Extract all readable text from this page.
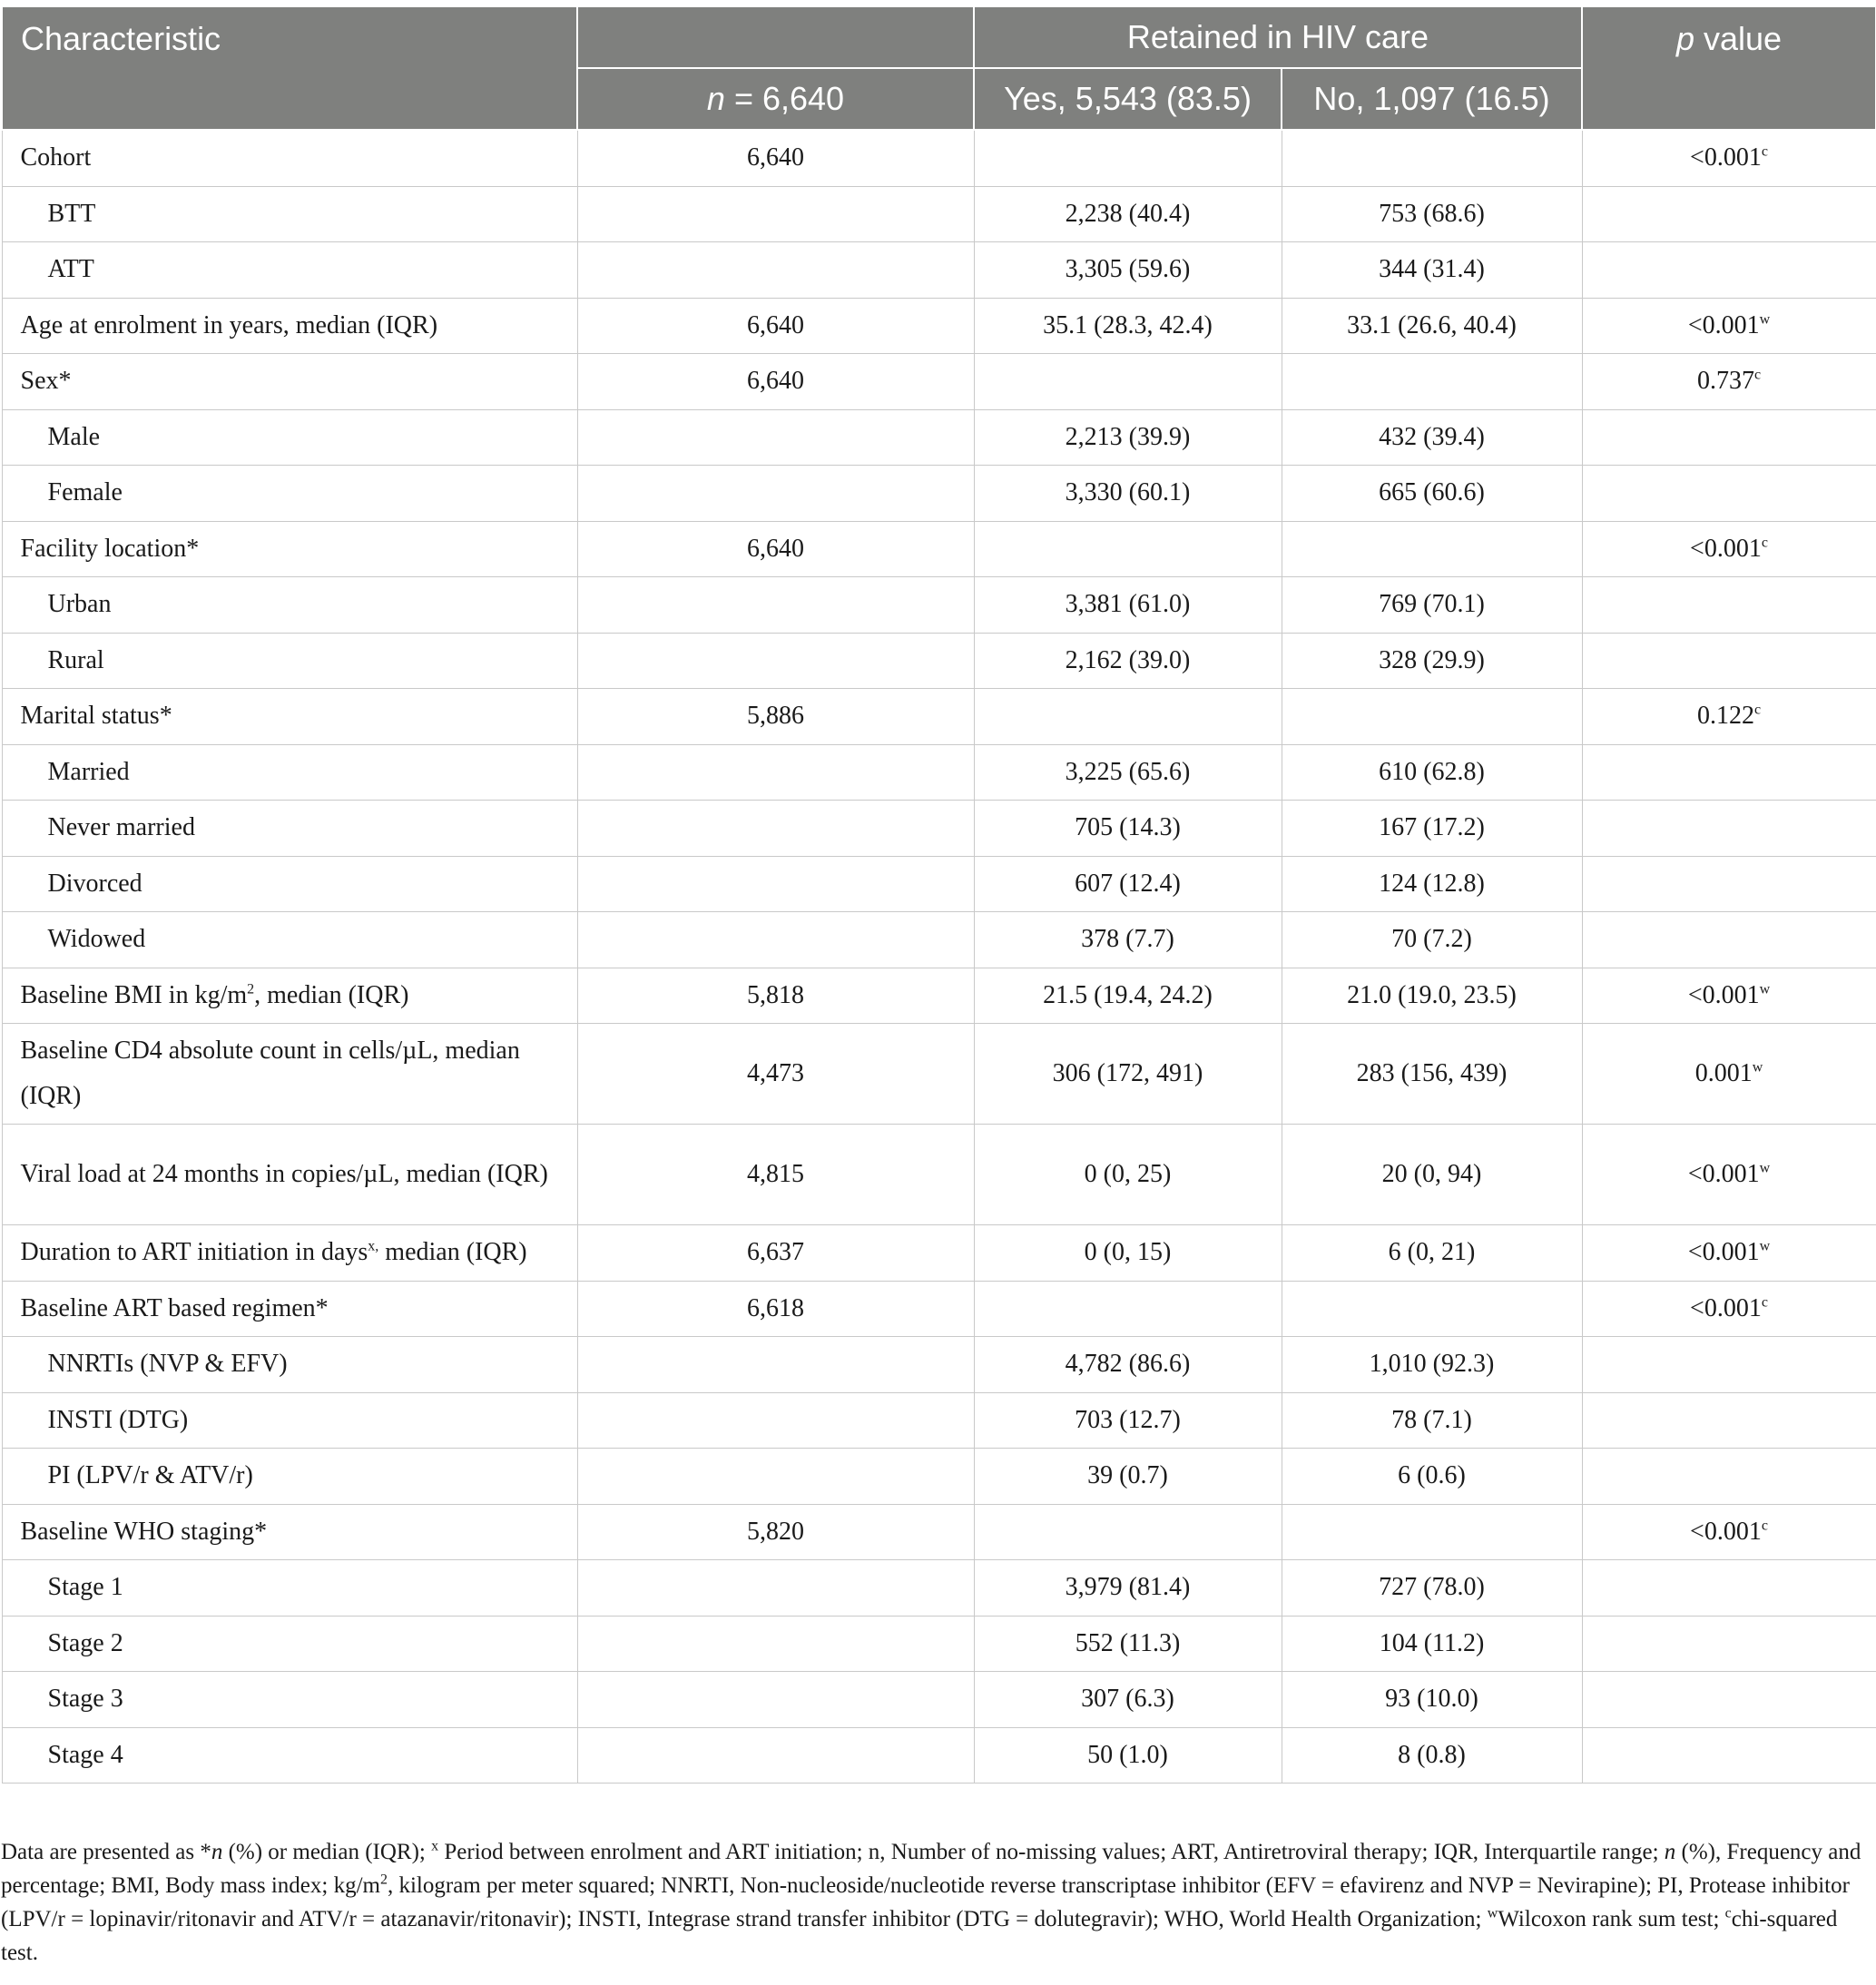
Characteristic		Retained in HIV care		p value
	n = 6,640	Yes, 5,543 (83.5)	No, 1,097 (16.5)	
Cohort	6,640			<0.001$^c$
BTT		2,238 (40.4)	753 (68.6)	
ATT		3,305 (59.6)	344 (31.4)	
Age at enrolment in years, median (IQR)	6,640	35.1 (28.3, 42.4)	33.1 (26.6, 40.4)	$<0.001^w$
Sex*	6,640			0.737$^c$
Male		2,213 (39.9)	432 (39.4)	
Female		3,330 (60.1)	665 (60.6)	
Facility location*	6,640			<0.001$^c$
Urban		3,381 (61.0)	769 (70.1)	
Rural		2,162 (39.0)	328 (29.9)	
Marital status*	5,886			0.122$^c$
Married		3,225 (65.6)	610 (62.8)	
Never married		705 (14.3)	167 (17.2)	
Divorced		607 (12.4)	124 (12.8)	
Widowed		378 (7.7)	70 (7.2)	
Baseline BMI in $kg/m^2$, median (IQR)	5,818	21.5 (19.4, 24.2)	21.0 (19.0, 23.5)	$<0.001^w$
Baseline CD4 absolute count in cells/µL, median (IQR)	4,473	306 (172, 491)	283 (156, 439)	0.001$^w$
Viral load at 24 months in copies/µL, median (IQR)	4,815	0 (0, 25)	20 (0, 94)	$<0.001^w$
Duration to ART initiation in days$^{x,}$ median (IQR)	6,637	0 (0, 15)	6 (0, 21)	$<0.001^w$
Baseline ART based regimen*	6,618			<0.001$^c$
NNRTIs (NVP & EFV)		4,782 (86.6)	1,010 (92.3)	
INSTI (DTG)		703 (12.7)	78 (7.1)	
PI (LPV/r & ATV/r)		39 (0.7)	6 (0.6)	
Baseline WHO staging*	5,820			<0.001$^c$
Stage 1		3,979 (81.4)	727 (78.0)	
Stage 2		552 (11.3)	104 (11.2)	
Stage 3		307 (6.3)	93 (10.0)	
Stage 4		50 (1.0)	8 (0.8)	
Data are presented as *n (%) or median (IQR); $^x$ Period between enrolment and ART initiation; n, Number of no-missing values; ART, Antiretroviral therapy; IQR, Interquartile range; n (%), Frequency and percentage; BMI, Body mass index; $kg/m^2$, kilogram per meter squared; NNRTI, Non-nucleoside/nucleotide reverse transcriptase inhibitor (EFV = efavirenz and NVP = Nevirapine); PI, Protease inhibitor (LPV/r = lopinavir/ritonavir and ATV/r = atazanavir/ritonavir); INSTI, Integrase strand transfer inhibitor (DTG = dolutegravir); WHO, World Health Organization; $^w$Wilcoxon rank sum test; $^c$chi-squared test.
